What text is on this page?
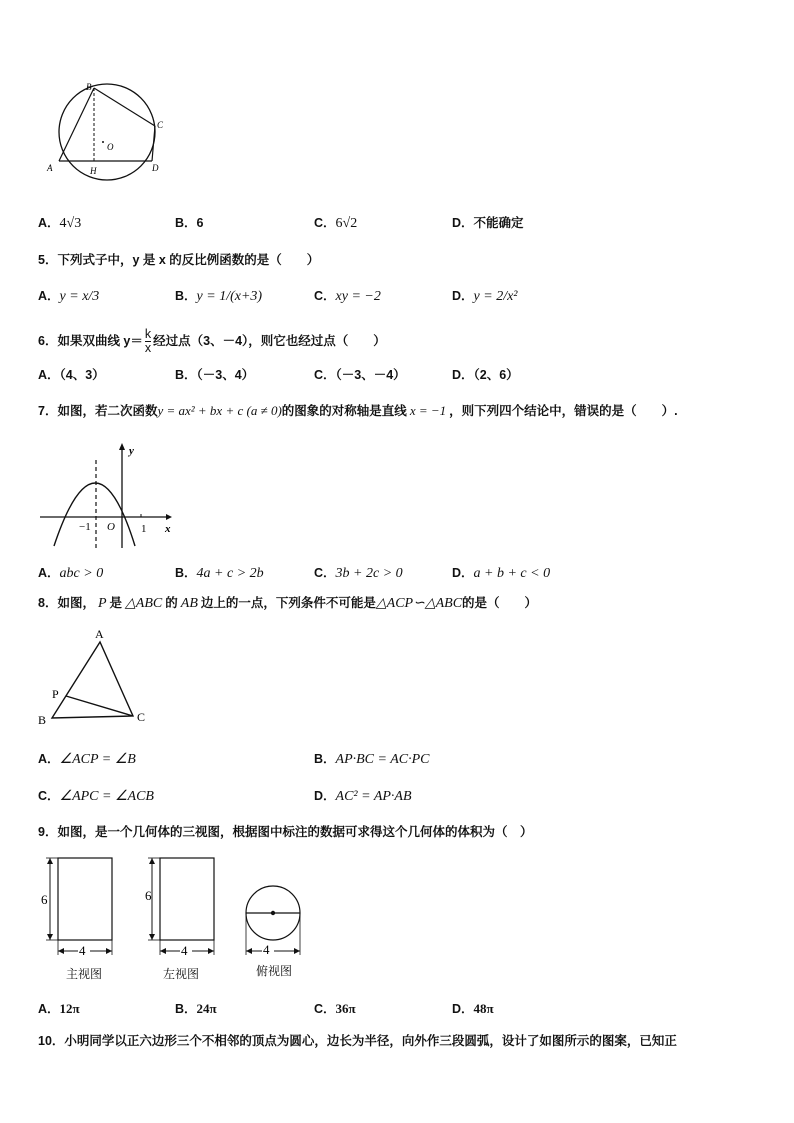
B
C
A	D
H
O
A．4√3	B．6	C．6√2	D．不能确定
5．下列式子中，y 是 x 的反比例函数的是（　　）
A．y = x/3	B．y = 1/(x+3)	C．xy = −2	D．y = 2/x²
6．如果双曲线 $y= \frac{k}{x}$ 经过点（3、－4），则它也经过点（　　）
A．（4、3）	B．（－3、4）	C．（－3、－4）	D．（2、6）
7．如图，若二次函数y = ax² + bx + c (a ≠ 0)的图象的对称轴是直线 x = −1 ，则下列四个结论中，错误的是（　　）.
y
x
−1 O 1
A．abc > 0	B．4a + c > 2b	C．3b + 2c > 0	D．a + b + c < 0
8．如图， P 是 △ABC 的 AB 边上的一点，下列条件不可能是△ACP∽△ABC的是（　　）
A
P
B	C
A．∠ACP = ∠B	B．AP·BC = AC·PC
C．∠APC = ∠ACB	D．AC² = AP·AB
9．如图，是一个几何体的三视图，根据图中标注的数据可求得这个几何体的体积为（　）
6
4
主视图
6
4
左视图
4
俯视图
A．12π	B．24π	C．36π	D．48π
10．小明同学以正六边形三个不相邻的顶点为圆心，边长为半径，向外作三段圆弧，设计了如图所示的图案，已知正
